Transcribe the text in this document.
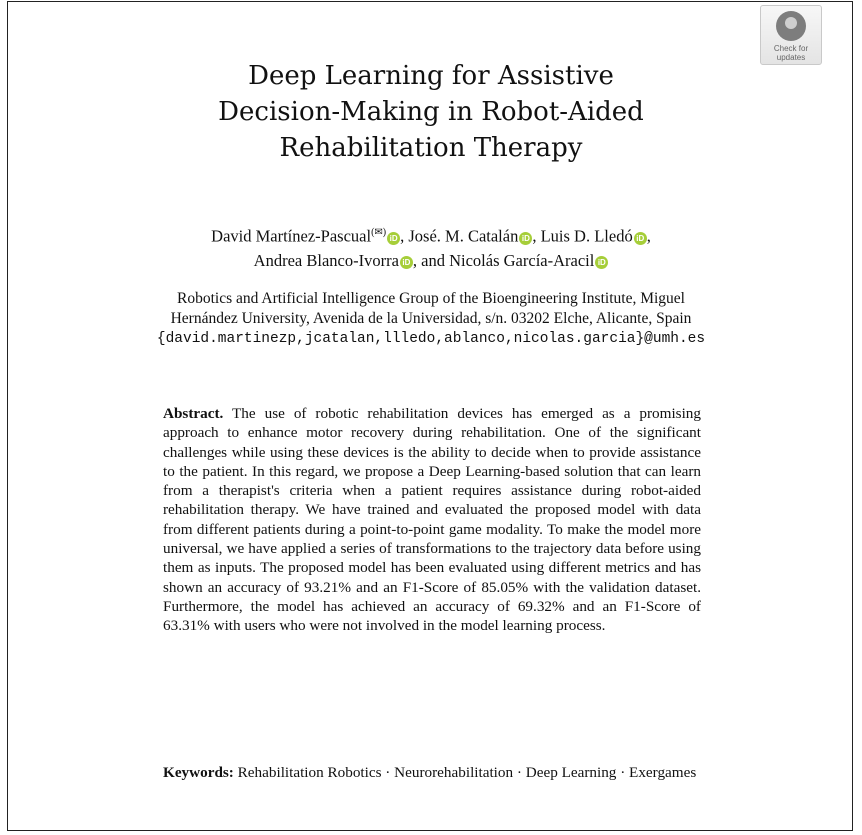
Check for
updates
Deep Learning for Assistive
Decision-Making in Robot-Aided
Rehabilitation Therapy
David Martínez-Pascual(✉) iD , José. M. Catalán iD , Luis D. Lledó iD ,
Andrea Blanco-Ivorra iD , and Nicolás García-Aracil iD
Robotics and Artificial Intelligence Group of the Bioengineering Institute, Miguel
Hernández University, Avenida de la Universidad, s/n. 03202 Elche, Alicante, Spain
{david.martinezp,jcatalan,llledo,ablanco,nicolas.garcia}@umh.es
Abstract. The use of robotic rehabilitation devices has emerged as a promising approach to enhance motor recovery during rehabilitation. One of the significant challenges while using these devices is the ability to decide when to provide assistance to the patient. In this regard, we propose a Deep Learning-based solution that can learn from a therapist's criteria when a patient requires assistance during robot-aided rehabilitation therapy. We have trained and evaluated the proposed model with data from different patients during a point-to-point game modality. To make the model more universal, we have applied a series of transformations to the trajectory data before using them as inputs. The proposed model has been evaluated using different metrics and has shown an accuracy of 93.21% and an F1-Score of 85.05% with the validation dataset. Furthermore, the model has achieved an accuracy of 69.32% and an F1-Score of 63.31% with users who were not involved in the model learning process.
Keywords: Rehabilitation Robotics · Neurorehabilitation · Deep Learning · Exergames
